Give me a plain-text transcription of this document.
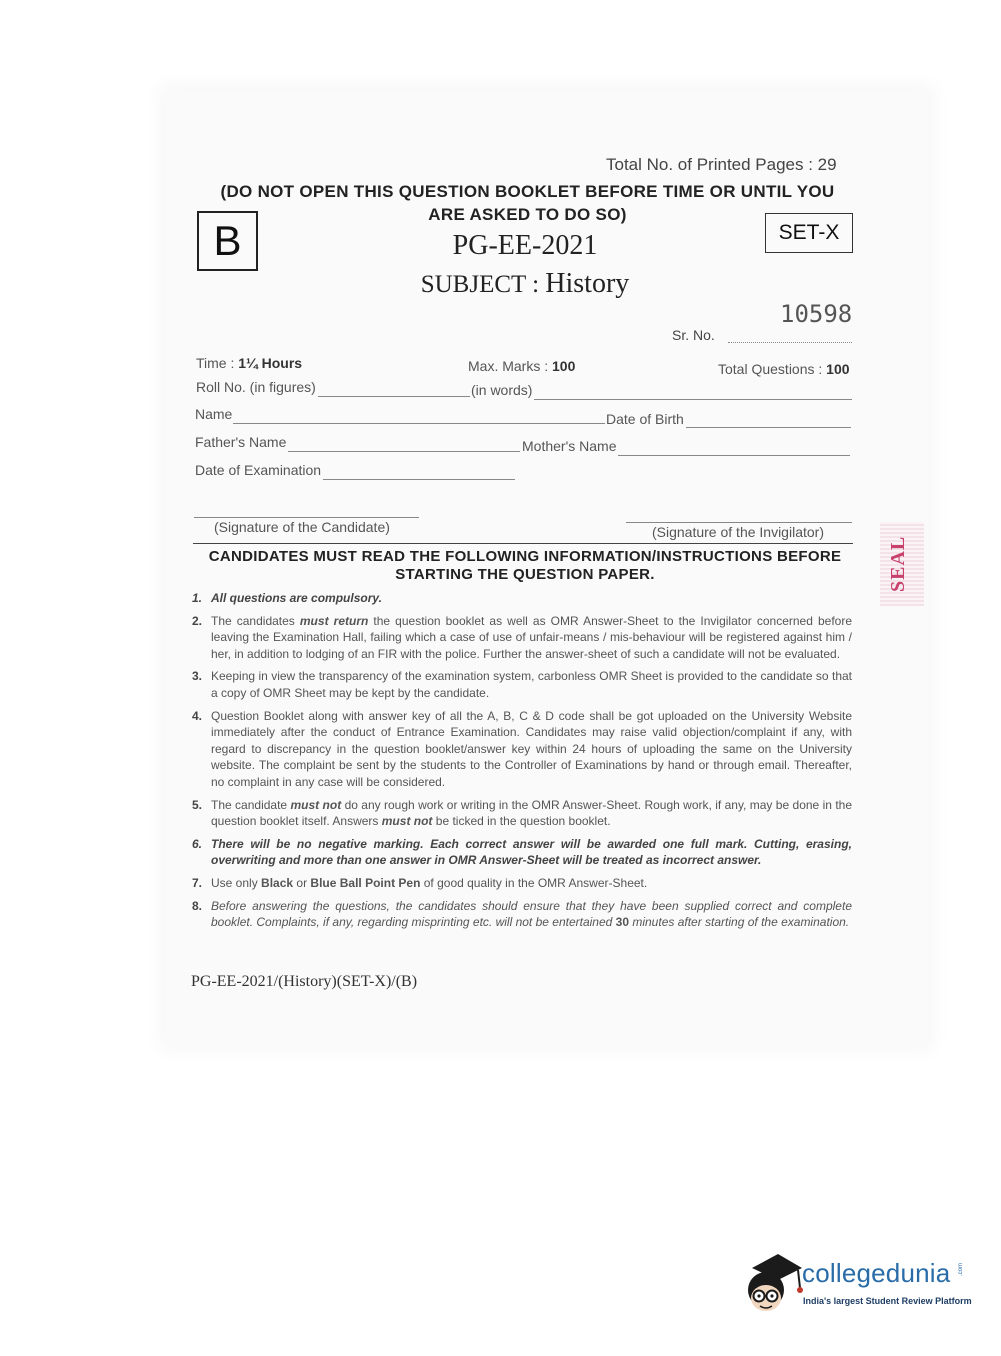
Total No. of Printed Pages : 29
(DO NOT OPEN THIS QUESTION BOOKLET BEFORE TIME OR UNTIL YOU ARE ASKED TO DO SO)
B	SET-X
PG-EE-2021
SUBJECT : History
10598
Sr. No.
Time : 1¼ Hours	Max. Marks : 100	Total Questions : 100
Roll No. (in figures)	(in words)
Name	Date of Birth
Father's Name	Mother's Name
Date of Examination
(Signature of the Candidate)	(Signature of the Invigilator)
CANDIDATES MUST READ THE FOLLOWING INFORMATION/INSTRUCTIONS BEFORE STARTING THE QUESTION PAPER.
1. All questions are compulsory.
2. The candidates must return the question booklet as well as OMR Answer-Sheet to the Invigilator concerned before leaving the Examination Hall, failing which a case of use of unfair-means / mis-behaviour will be registered against him / her, in addition to lodging of an FIR with the police. Further the answer-sheet of such a candidate will not be evaluated.
3. Keeping in view the transparency of the examination system, carbonless OMR Sheet is provided to the candidate so that a copy of OMR Sheet may be kept by the candidate.
4. Question Booklet along with answer key of all the A, B, C & D code shall be got uploaded on the University Website immediately after the conduct of Entrance Examination. Candidates may raise valid objection/complaint if any, with regard to discrepancy in the question booklet/answer key within 24 hours of uploading the same on the University website. The complaint be sent by the students to the Controller of Examinations by hand or through email. Thereafter, no complaint in any case will be considered.
5. The candidate must not do any rough work or writing in the OMR Answer-Sheet. Rough work, if any, may be done in the question booklet itself. Answers must not be ticked in the question booklet.
6. There will be no negative marking. Each correct answer will be awarded one full mark. Cutting, erasing, overwriting and more than one answer in OMR Answer-Sheet will be treated as incorrect answer.
7. Use only Black or Blue Ball Point Pen of good quality in the OMR Answer-Sheet.
8. Before answering the questions, the candidates should ensure that they have been supplied correct and complete booklet. Complaints, if any, regarding misprinting etc. will not be entertained 30 minutes after starting of the examination.
PG-EE-2021/(History)(SET-X)/(B)
SEAL
collegedunia .com
India's largest Student Review Platform
